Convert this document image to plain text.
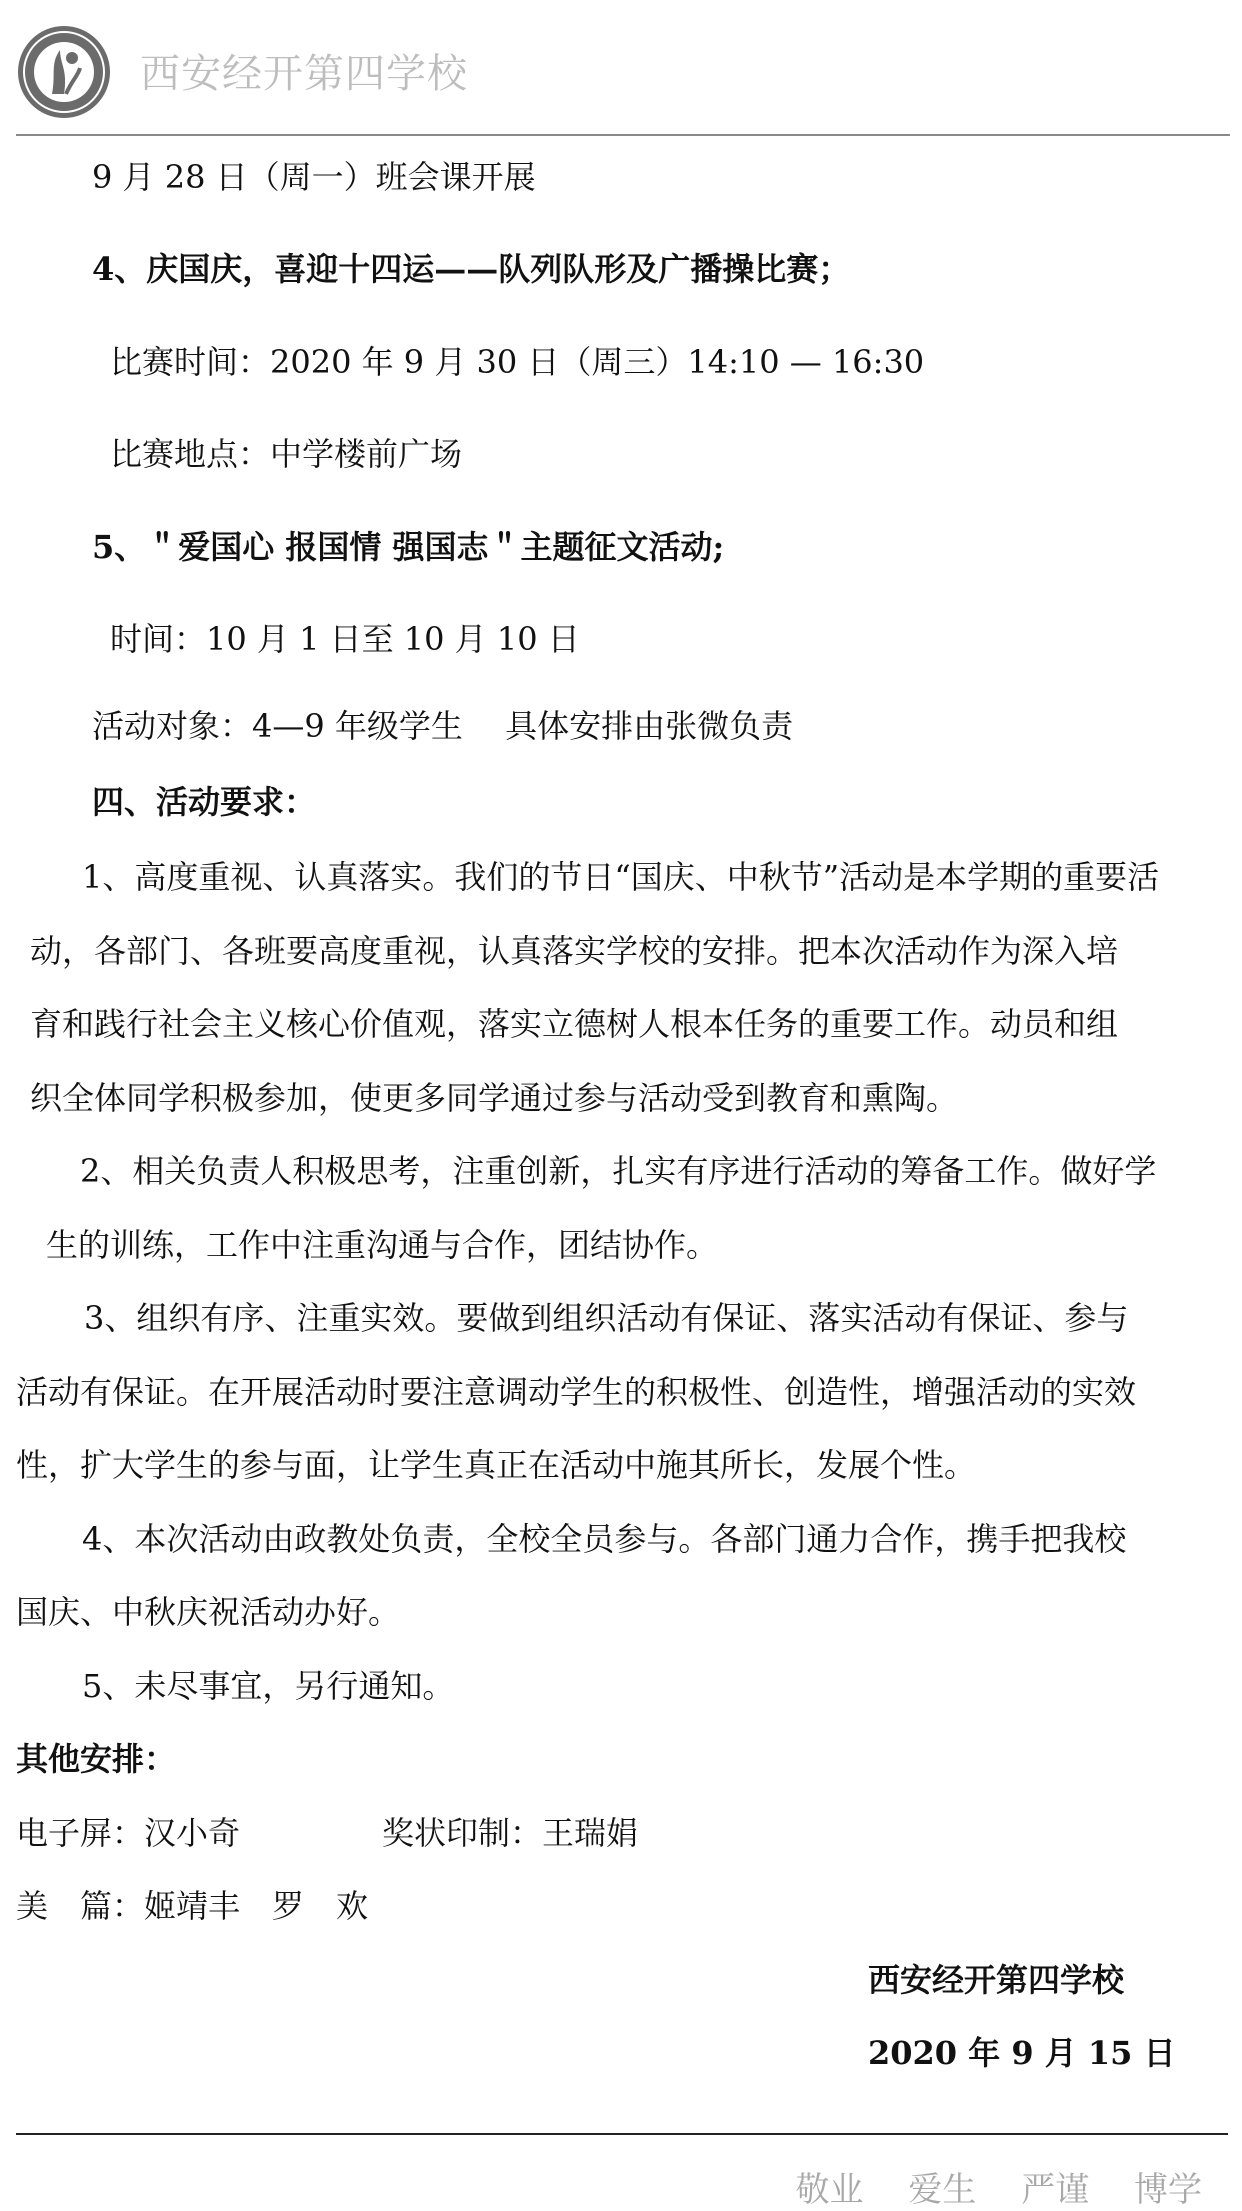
西安经开第四学校
9 月 28 日（周一）班会课开展
4、庆国庆，喜迎十四运——队列队形及广播操比赛；
比赛时间：2020 年 9 月 30 日（周三）14:10 — 16:30
比赛地点：中学楼前广场
5、＂爱国心 报国情 强国志＂主题征文活动;
时间：10 月 1 日至 10 月 10 日
活动对象：4—9 年级学生　 具体安排由张微负责
四、活动要求：
1、高度重视、认真落实。我们的节日“国庆、中秋节”活动是本学期的重要活
动，各部门、各班要高度重视，认真落实学校的安排。把本次活动作为深入培
育和践行社会主义核心价值观，落实立德树人根本任务的重要工作。动员和组
织全体同学积极参加，使更多同学通过参与活动受到教育和熏陶。
2、相关负责人积极思考，注重创新，扎实有序进行活动的筹备工作。做好学
生的训练，工作中注重沟通与合作，团结协作。
3、组织有序、注重实效。要做到组织活动有保证、落实活动有保证、参与
活动有保证。在开展活动时要注意调动学生的积极性、创造性，增强活动的实效
性，扩大学生的参与面，让学生真正在活动中施其所长，发展个性。
4、本次活动由政教处负责，全校全员参与。各部门通力合作，携手把我校
国庆、中秋庆祝活动办好。
5、未尽事宜，另行通知。
其他安排：
电子屏：汉小奇	奖状印制：王瑞娟
美　篇：姬靖丰　罗　欢
西安经开第四学校
2020 年 9 月 15 日
敬业 爱生 严谨 博学
